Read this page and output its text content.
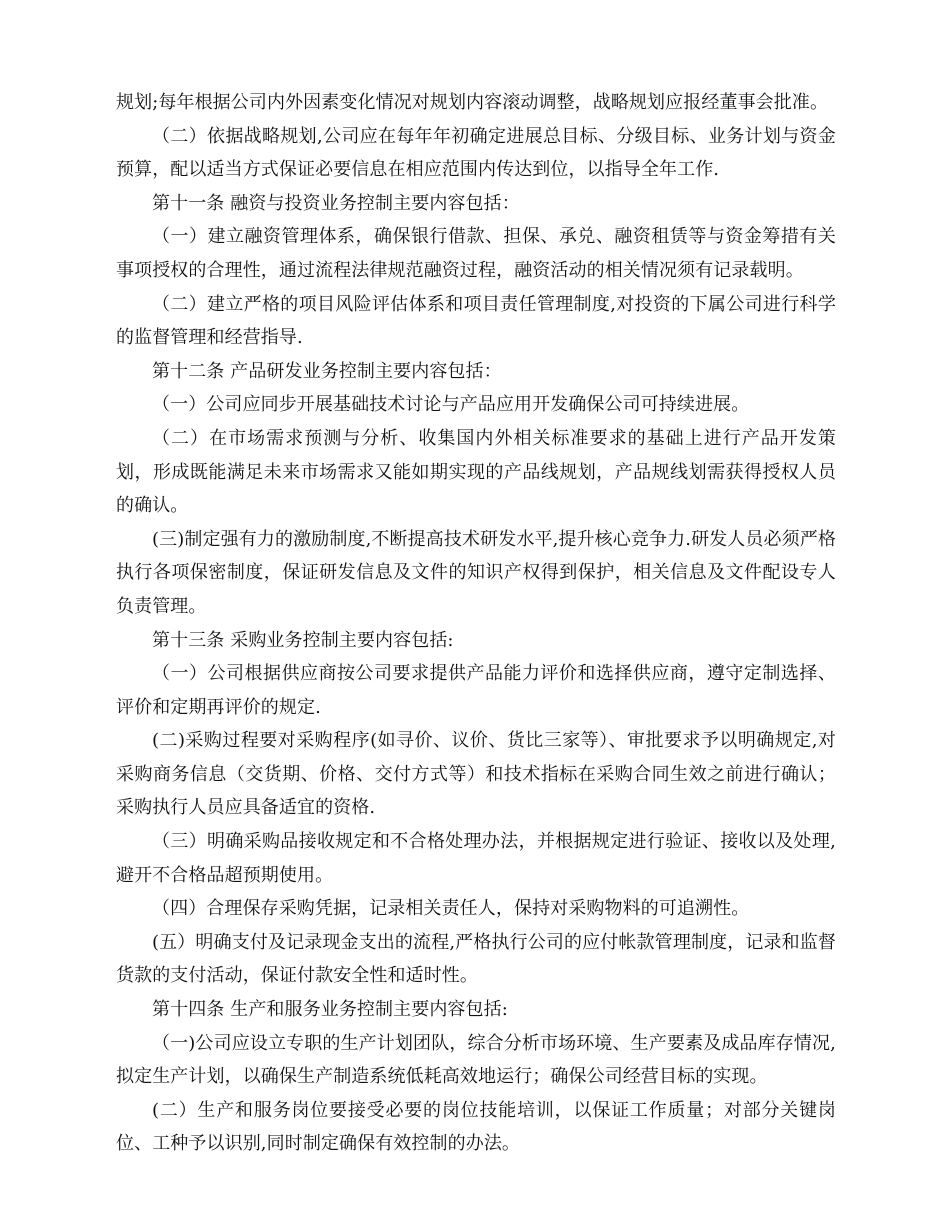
规划;每年根据公司内外因素变化情况对规划内容滚动调整，战略规划应报经董事会批准。

（二）依据战略规划,公司应在每年年初确定进展总目标、分级目标、业务计划与资金预算，配以适当方式保证必要信息在相应范围内传达到位，以指导全年工作.

第十一条 融资与投资业务控制主要内容包括：

（一）建立融资管理体系，确保银行借款、担保、承兑、融资租赁等与资金筹措有关事项授权的合理性，通过流程法律规范融资过程，融资活动的相关情况须有记录载明。

（二）建立严格的项目风险评估体系和项目责任管理制度,对投资的下属公司进行科学的监督管理和经营指导.

第十二条 产品研发业务控制主要内容包括：

（一）公司应同步开展基础技术讨论与产品应用开发确保公司可持续进展。

（二）在市场需求预测与分析、收集国内外相关标准要求的基础上进行产品开发策划，形成既能满足未来市场需求又能如期实现的产品线规划，产品规线划需获得授权人员的确认。

(三)制定强有力的激励制度,不断提高技术研发水平,提升核心竞争力.研发人员必须严格执行各项保密制度，保证研发信息及文件的知识产权得到保护，相关信息及文件配设专人负责管理。

第十三条 采购业务控制主要内容包括:

（一）公司根据供应商按公司要求提供产品能力评价和选择供应商，遵守定制选择、评价和定期再评价的规定.

(二)采购过程要对采购程序(如寻价、议价、货比三家等）、审批要求予以明确规定,对采购商务信息（交货期、价格、交付方式等）和技术指标在采购合同生效之前进行确认；采购执行人员应具备适宜的资格.

（三）明确采购品接收规定和不合格处理办法，并根据规定进行验证、接收以及处理,避开不合格品超预期使用。

（四）合理保存采购凭据，记录相关责任人，保持对采购物料的可追溯性。

(五）明确支付及记录现金支出的流程,严格执行公司的应付帐款管理制度，记录和监督货款的支付活动，保证付款安全性和适时性。

第十四条 生产和服务业务控制主要内容包括:

（一)公司应设立专职的生产计划团队，综合分析市场环境、生产要素及成品库存情况,拟定生产计划，以确保生产制造系统低耗高效地运行；确保公司经营目标的实现。

(二）生产和服务岗位要接受必要的岗位技能培训，以保证工作质量；对部分关键岗位、工种予以识别,同时制定确保有效控制的办法。
